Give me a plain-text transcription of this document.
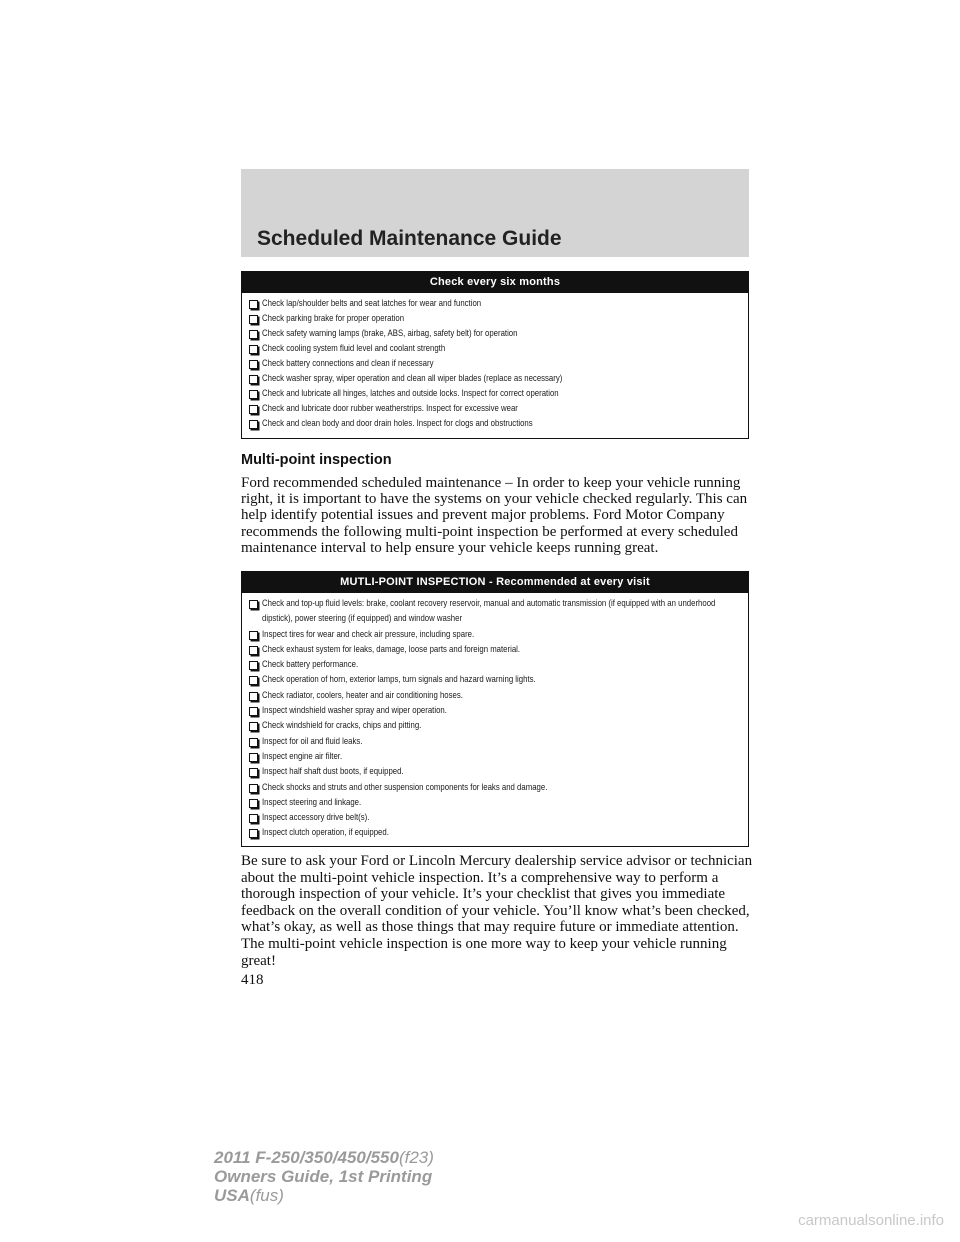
Scheduled Maintenance Guide
Check every six months
Check lap/shoulder belts and seat latches for wear and function
Check parking brake for proper operation
Check safety warning lamps (brake, ABS, airbag, safety belt) for operation
Check cooling system fluid level and coolant strength
Check battery connections and clean if necessary
Check washer spray, wiper operation and clean all wiper blades (replace as necessary)
Check and lubricate all hinges, latches and outside locks. Inspect for correct operation
Check and lubricate door rubber weatherstrips. Inspect for excessive wear
Check and clean body and door drain holes. Inspect for clogs and obstructions
Multi-point inspection

Ford recommended scheduled maintenance – In order to keep your vehicle running right, it is important to have the systems on your vehicle checked regularly. This can help identify potential issues and prevent major problems. Ford Motor Company recommends the following multi-point inspection be performed at every scheduled maintenance interval to help ensure your vehicle keeps running great.

MUTLI-POINT INSPECTION - Recommended at every visit
Check and top-up fluid levels: brake, coolant recovery reservoir, manual and automatic transmission (if equipped with an underhood dipstick), power steering (if equipped) and window washer
Inspect tires for wear and check air pressure, including spare.
Check exhaust system for leaks, damage, loose parts and foreign material.
Check battery performance.
Check operation of horn, exterior lamps, turn signals and hazard warning lights.
Check radiator, coolers, heater and air conditioning hoses.
Inspect windshield washer spray and wiper operation.
Check windshield for cracks, chips and pitting.
Inspect for oil and fluid leaks.
Inspect engine air filter.
Inspect half shaft dust boots, if equipped.
Check shocks and struts and other suspension components for leaks and damage.
Inspect steering and linkage.
Inspect accessory drive belt(s).
Inspect clutch operation, if equipped.

Be sure to ask your Ford or Lincoln Mercury dealership service advisor or technician about the multi-point vehicle inspection. It’s a comprehensive way to perform a thorough inspection of your vehicle. It’s your checklist that gives you immediate feedback on the overall condition of your vehicle. You’ll know what’s been checked, what’s okay, as well as those things that may require future or immediate attention. The multi-point vehicle inspection is one more way to keep your vehicle running great!

418
2011 F-250/350/450/550(f23)
Owners Guide, 1st Printing
USA(fus)
carmanualsonline.info
